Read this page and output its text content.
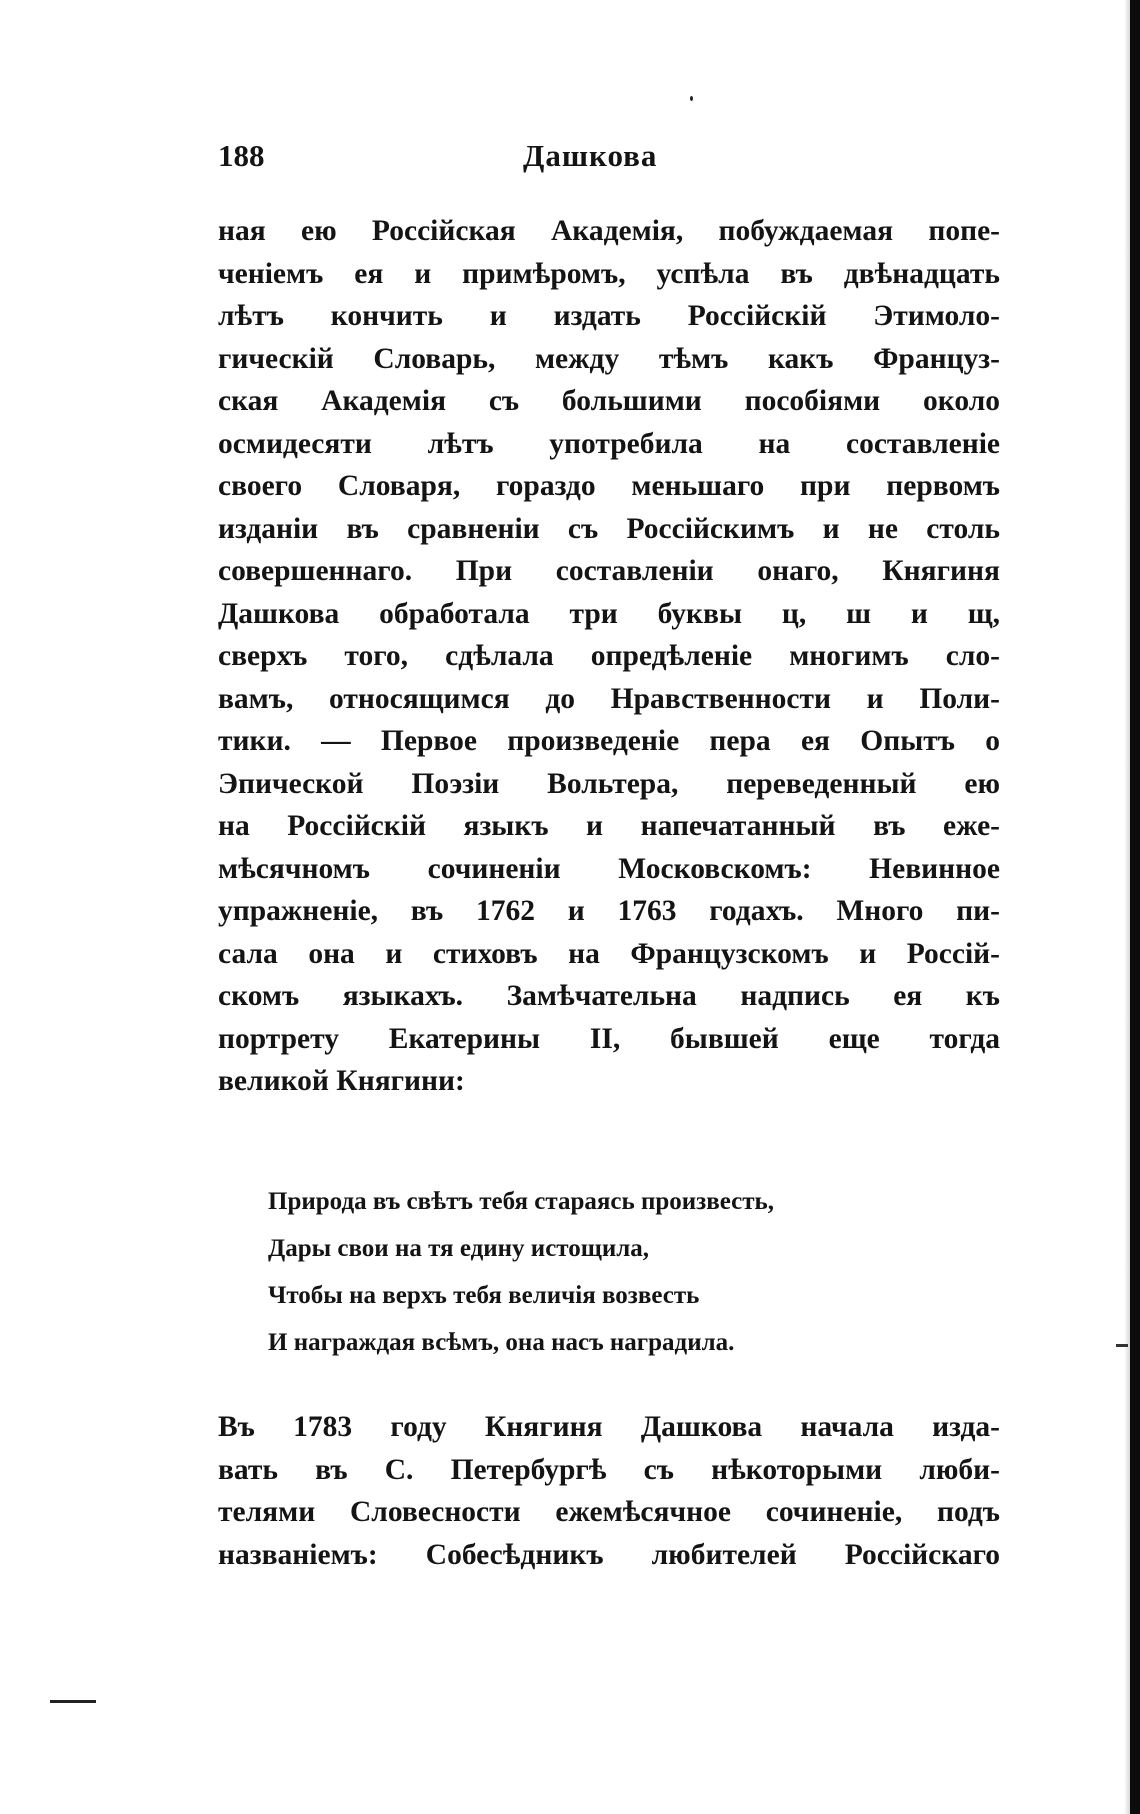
188	Дашкова
ная ею Россійская Академія, побуждаемая попе-
ченіемъ ея и примѣромъ, успѣла въ двѣнадцать
лѣтъ кончить и издать Россійскій Этимоло-
гическій Словарь, между тѣмъ какъ Француз-
ская Академія съ большими пособіями около
осмидесяти лѣтъ употребила на составленіе
своего Словаря, гораздо меньшаго при первомъ
изданіи въ сравненіи съ Россійскимъ и не столь
совершеннаго. При составленіи онаго, Княгиня
Дашкова обработала три буквы ц, ш и щ,
сверхъ того, сдѣлала опредѣленіе многимъ сло-
вамъ, относящимся до Нравственности и Поли-
тики. — Первое произведеніе пера ея Опытъ о
Эпической Поэзіи Вольтера, переведенный ею
на Россійскій языкъ и напечатанный въ еже-
мѣсячномъ сочиненіи Московскомъ: Невинное
упражненіе, въ 1762 и 1763 годахъ. Много пи-
сала она и стиховъ на Французскомъ и Россій-
скомъ языкахъ. Замѣчательна надпись ея къ
портрету Екатерины II, бывшей еще тогда
великой Княгини:
Природа въ свѣтъ тебя стараясь произвесть,
Дары свои на тя едину истощила,
Чтобы на верхъ тебя величія возвесть
И награждая всѣмъ, она насъ наградила.
Въ 1783 году Княгиня Дашкова начала изда-
вать въ С. Петербургѣ съ нѣкоторыми люби-
телями Словесности ежемѣсячное сочиненіе, подъ
названіемъ: Собесѣдникъ любителей Россійскаго
